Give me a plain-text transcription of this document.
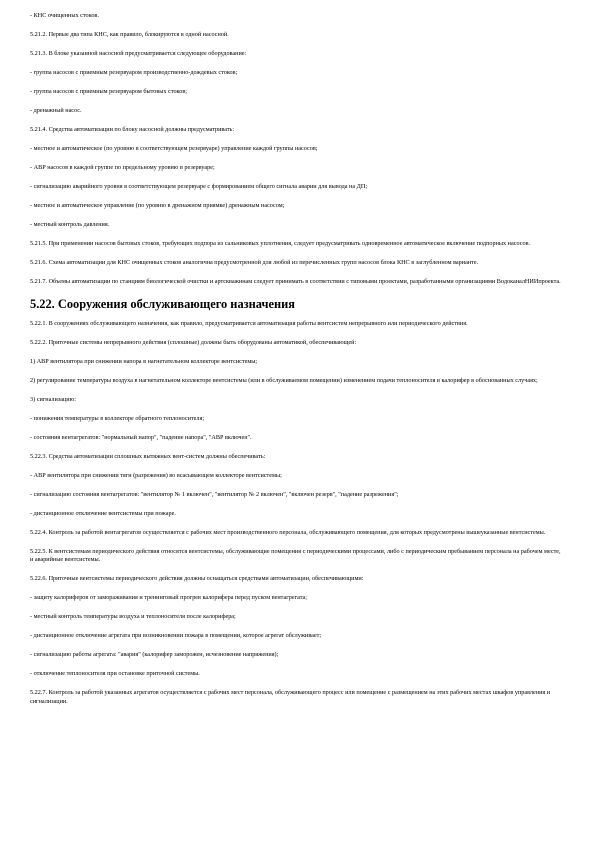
- КНС очищенных стоков.

5.21.2. Первые два типа КНС, как правило, блокируются в одной насосной.

5.21.3. В блоке указанной насосной предусматривается следующее оборудование:

- группа насосов с приемным резервуаром производственно-дождевых стоков;

- группа насосов с приемным резервуаром бытовых стоков;

- дренажный насос.

5.21.4. Средства автоматизации по блоку насосной должны предусматривать:

- местное и автоматическое (по уровню в соответствующем резервуаре) управление каждой группы насосов;

- АВР насосов в каждой группе по предельному уровню в резервуаре;

- сигнализацию аварийного уровня в соответствующем резервуаре с формированием общего сигнала аварии для вывода на ДП;

- местное и автоматическое управление (по уровню в дренажном приямке) дренажным насосом;

- местный контроль давления.

5.21.5. При применении насосов бытовых стоков, требующих подпора из сальниковых уплотнения, следует предусматривать одновременное автоматическое включение подпорных насосов.

5.21.6. Схема автоматизации для КНС очищенных стоков аналогична предусмотренной для любой из перечисленных групп насосов блока КНС в заглубленном варианте.

5.21.7. Объемы автоматизации по станциям биологической очистки и артскважинам следует принимать в соответствии с типовыми проектами, разработанными организациями ВодоканалНИИпроекта.

5.22. Сооружения обслуживающего назначения

5.22.1. В сооружениях обслуживающего назначения, как правило, предусматривается автоматизация работы вентсистем непрерывного или периодического действия.

5.22.2. Приточные системы непрерывного действия (сплошные) должны быть оборудованы автоматикой, обеспечивающей:

1) АВР вентилятора при снижении напора в нагнетательном коллекторе вентсистемы;

2) регулирование температуры воздуха в нагнетательном коллекторе вентсистемы (или в обслуживаемом помещении) изменением подачи теплоносителя в калорифер в обоснованных случаях;

3) сигнализацию:

- понижения температуры в коллекторе обратного теплоносителя;

- состояния вентагрегатов: "нормальный напор", "падение напора", "АВР включен".

5.22.3. Средства автоматизации сплошных вытяжных вент-систем должны обеспечивать:

- АВР вентилятора при снижении тяги (разрежения) во всасывающем коллекторе вентсистемы;

- сигнализацию состояния вентагрегатов: "вентилятор № 1 включен", "вентилятор № 2 включен", "включен резерв", "падение разрежения";

- дистанционное отключение вентсистемы при пожаре.

5.22.4. Контроль за работой вентагрегатов осуществляется с рабочих мест производственного персонала, обслуживающего помещения, для которых предусмотрены вышеуказанные вентсистемы.

5.22.5. К вентсистемам периодического действия относятся вентсистемы, обслуживающие помещения с периодическими процессами, либо с периодическим пребыванием персонала на рабочем месте, и аварийные вентсистемы.

5.22.6. Приточные вентсистемы периодического действия должны оснащаться средствами автоматизации, обеспечивающими:

- защиту калориферов от замораживания и тренинговый прогрев калорифера перед пуском вентагрегата;

- местный контроль температуры воздуха и теплоносителя после калорифера;

- дистанционное отключение агрегата при возникновении пожара в помещении, которое агрегат обслуживает;

- сигнализацию работы агрегата: "авария" (калорифер заморожен, исчезновение напряжения);

- отключение теплоносителя при остановке приточной системы.

5.22.7. Контроль за работой указанных агрегатов осуществляется с рабочих мест персонала, обслуживающего процесс или помещение с размещением на этих рабочих местах шкафов управления и сигнализации.
